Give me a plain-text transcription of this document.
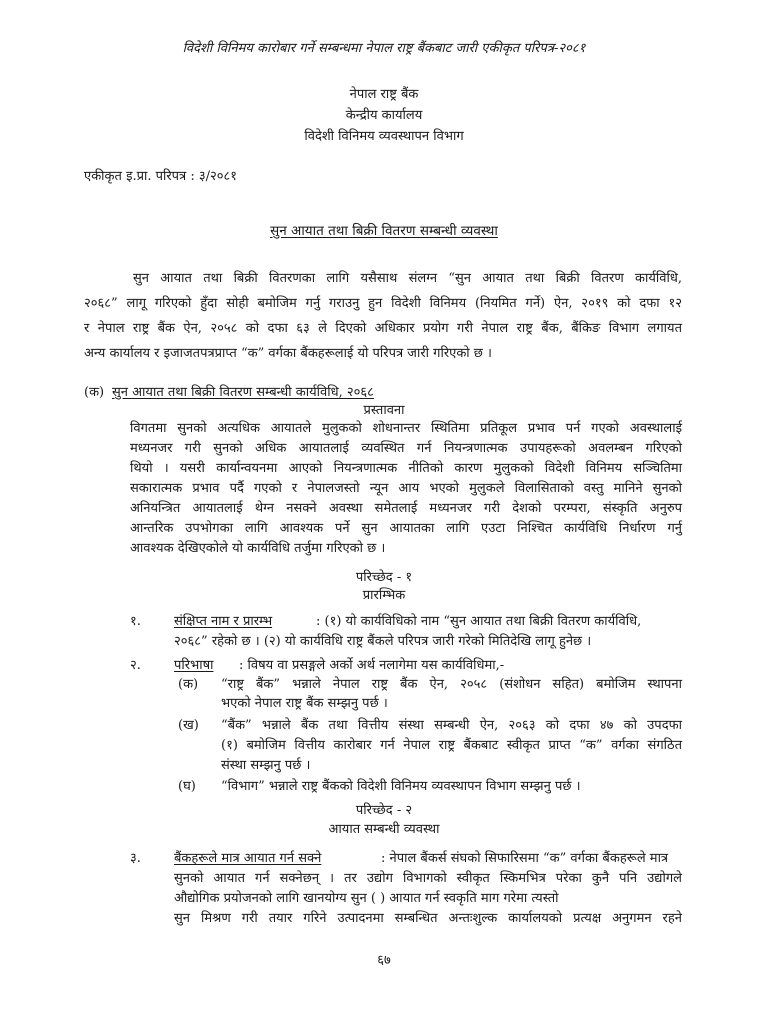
विदेशी विनिमय कारोबार गर्ने सम्बन्धमा नेपाल राष्ट्र बैंकबाट जारी एकीकृत परिपत्र-२०८१
नेपाल राष्ट्र बैंक
केन्द्रीय कार्यालय
विदेशी विनिमय व्यवस्थापन विभाग
एकीकृत इ.प्रा. परिपत्र : ३/२०८१
सुन आयात तथा बिक्री वितरण सम्बन्धी व्यवस्था
सुन आयात तथा बिक्री वितरणका लागि यसैसाथ संलग्न “सुन आयात तथा बिक्री वितरण कार्यविधि,
२०६८” लागू गरिएको हुँदा सोही बमोजिम गर्नु गराउनु हुन विदेशी विनिमय (नियमित गर्ने) ऐन, २०१९ को दफा १२
र नेपाल राष्ट्र बैंक ऐन, २०५८ को दफा ६३ ले दिएको अधिकार प्रयोग गरी नेपाल राष्ट्र बैंक, बैंकिङ विभाग लगायत
अन्य कार्यालय र इजाजतपत्रप्राप्त “क” वर्गका बैंकहरूलाई यो परिपत्र जारी गरिएको छ ।
(क) सुन आयात तथा बिक्री वितरण सम्बन्धी कार्यविधि, २०६८
प्रस्तावना
विगतमा सुनको अत्यधिक आयातले मुलुकको शोधनान्तर स्थितिमा प्रतिकूल प्रभाव पर्न गएको अवस्थालाई
मध्यनजर गरी सुनको अधिक आयातलाई व्यवस्थित गर्न नियन्त्रणात्मक उपायहरूको अवलम्बन गरिएको
थियो । यसरी कार्यान्वयनमा आएको नियन्त्रणात्मक नीतिको कारण मुलुकको विदेशी विनिमय सञ्चितिमा
सकारात्मक प्रभाव पर्दै गएको र नेपालजस्तो न्यून आय भएको मुलुकले विलासिताको वस्तु मानिने सुनको
अनियन्त्रित आयातलाई थेग्न नसक्ने अवस्था समेतलाई मध्यनजर गरी देशको परम्परा, संस्कृति अनुरुप
आन्तरिक उपभोगका लागि आवश्यक पर्ने सुन आयातका लागि एउटा निश्चित कार्यविधि निर्धारण गर्नु
आवश्यक देखिएकोले यो कार्यविधि तर्जुमा गरिएको छ ।
परिच्छेद - १
प्रारम्भिक
१.	संक्षिप्त नाम र प्रारम्भ	: (१) यो कार्यविधिको नाम “सुन आयात तथा बिक्री वितरण कार्यविधि,
२०६८” रहेको छ । (२) यो कार्यविधि राष्ट्र बैंकले परिपत्र जारी गरेको मितिदेखि लागू हुनेछ ।
२.	परिभाषा : विषय वा प्रसङ्गले अर्को अर्थ नलागेमा यस कार्यविधिमा,-
(क) “राष्ट्र बैंक” भन्नाले नेपाल राष्ट्र बैंक ऐन, २०५८ (संशोधन सहित) बमोजिम स्थापना
भएको नेपाल राष्ट्र बैंक सम्झनु पर्छ ।
(ख) “बैंक” भन्नाले बैंक तथा वित्तीय संस्था सम्बन्धी ऐन, २०६३ को दफा ४७ को उपदफा
(१) बमोजिम वित्तीय कारोबार गर्न नेपाल राष्ट्र बैंकबाट स्वीकृत प्राप्त “क” वर्गका संगठित
संस्था सम्झनु पर्छ ।
(घ) “विभाग” भन्नाले राष्ट्र बैंकको विदेशी विनिमय व्यवस्थापन विभाग सम्झनु पर्छ ।
परिच्छेद - २
आयात सम्बन्धी व्यवस्था
३.	बैंकहरूले मात्र आयात गर्न सक्ने	: नेपाल बैंकर्स संघको सिफारिसमा “क” वर्गका बैंकहरूले मात्र
सुनको आयात गर्न सक्नेछन् । तर उद्योग विभागको स्वीकृत स्किमभित्र परेका कुनै पनि उद्योगले
औद्योगिक प्रयोजनको लागि खानयोग्य सुन ( ) आयात गर्न स्वकृति माग गरेमा त्यस्तो
सुन मिश्रण गरी तयार गरिने उत्पादनमा सम्बन्धित अन्तःशुल्क कार्यालयको प्रत्यक्ष अनुगमन रहने
६७
